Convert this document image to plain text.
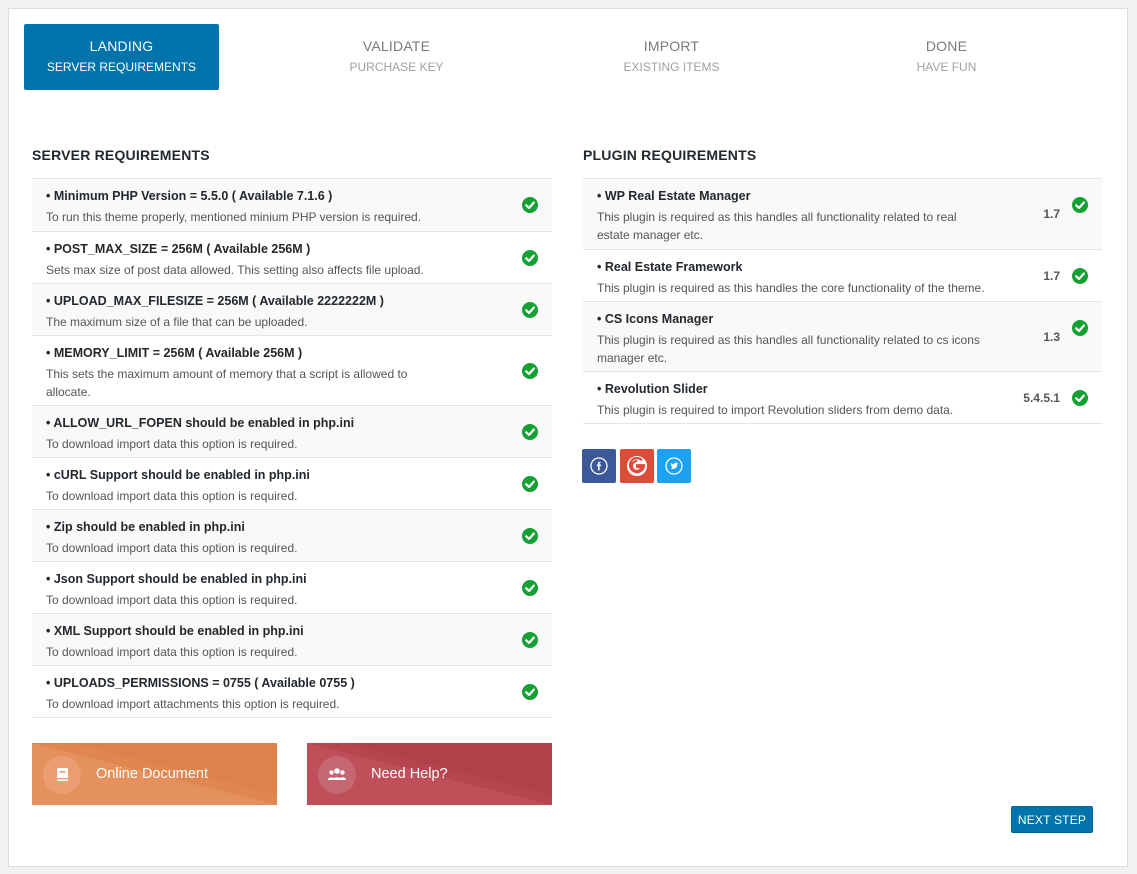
LANDING
SERVER REQUIREMENTS
VALIDATE
PURCHASE KEY
IMPORT
EXISTING ITEMS
DONE
HAVE FUN
SERVER REQUIREMENTS	PLUGIN REQUIREMENTS
• Minimum PHP Version = 5.5.0 ( Available 7.1.6 )
To run this theme properly, mentioned minium PHP version is required.
• POST_MAX_SIZE = 256M ( Available 256M )
Sets max size of post data allowed. This setting also affects file upload.
• UPLOAD_MAX_FILESIZE = 256M ( Available 2222222M )
The maximum size of a file that can be uploaded.
• MEMORY_LIMIT = 256M ( Available 256M )
This sets the maximum amount of memory that a script is allowed to allocate.
• ALLOW_URL_FOPEN should be enabled in php.ini
To download import data this option is required.
• cURL Support should be enabled in php.ini
To download import data this option is required.
• Zip should be enabled in php.ini
To download import data this option is required.
• Json Support should be enabled in php.ini
To download import data this option is required.
• XML Support should be enabled in php.ini
To download import data this option is required.
• UPLOADS_PERMISSIONS = 0755 ( Available 0755 )
To download import attachments this option is required.
• WP Real Estate Manager
This plugin is required as this handles all functionality related to real estate manager etc.
1.7
• Real Estate Framework
This plugin is required as this handles the core functionality of the theme.
1.7
• CS Icons Manager
This plugin is required as this handles all functionality related to cs icons manager etc.
1.3
• Revolution Slider
This plugin is required to import Revolution sliders from demo data.
5.4.5.1
Online Document	Need Help?
NEXT STEP
